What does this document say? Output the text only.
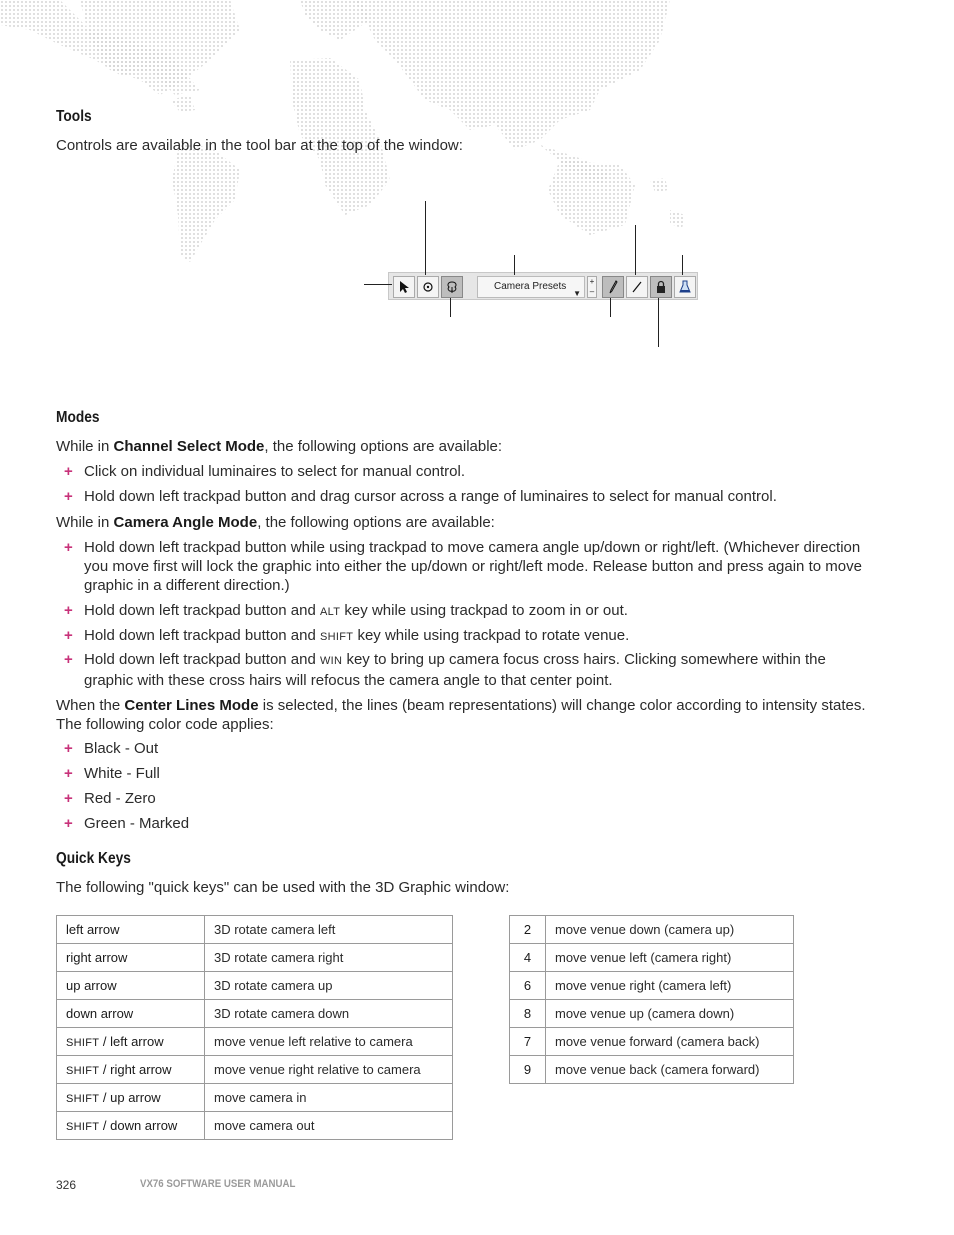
Tools
Controls are available in the tool bar at the top of the window:
Modes
While in Channel Select Mode, the following options are available:
+ Click on individual luminaires to select for manual control.
+ Hold down left trackpad button and drag cursor across a range of luminaires to select for manual control.
While in Camera Angle Mode, the following options are available:
+ Hold down left trackpad button while using trackpad to move camera angle up/down or right/left. (Whichever direction you move first will lock the graphic into either the up/down or right/left mode. Release button and press again to move graphic in a different direction.)
+ Hold down left trackpad button and ALT key while using trackpad to zoom in or out.
+ Hold down left trackpad button and SHIFT key while using trackpad to rotate venue.
+ Hold down left trackpad button and WIN key to bring up camera focus cross hairs. Clicking somewhere within the graphic with these cross hairs will refocus the camera angle to that center point.
When the Center Lines Mode is selected, the lines (beam representations) will change color according to intensity states. The following color code applies:
+ Black - Out
+ White - Full
+ Red - Zero
+ Green - Marked
Quick Keys
The following "quick keys" can be used with the 3D Graphic window:
Camera Presets
▼
+
–
left arrow	3D rotate camera left
right arrow	3D rotate camera right
up arrow	3D rotate camera up
down arrow	3D rotate camera down
SHIFT / left arrow	move venue left relative to camera
SHIFT / right arrow	move venue right relative to camera
SHIFT / up arrow	move camera in
SHIFT / down arrow	move camera out
2	move venue down (camera up)
4	move venue left (camera right)
6	move venue right (camera left)
8	move venue up (camera down)
7	move venue forward (camera back)
9	move venue back (camera forward)
326	VX76 SOFTWARE USER MANUAL
